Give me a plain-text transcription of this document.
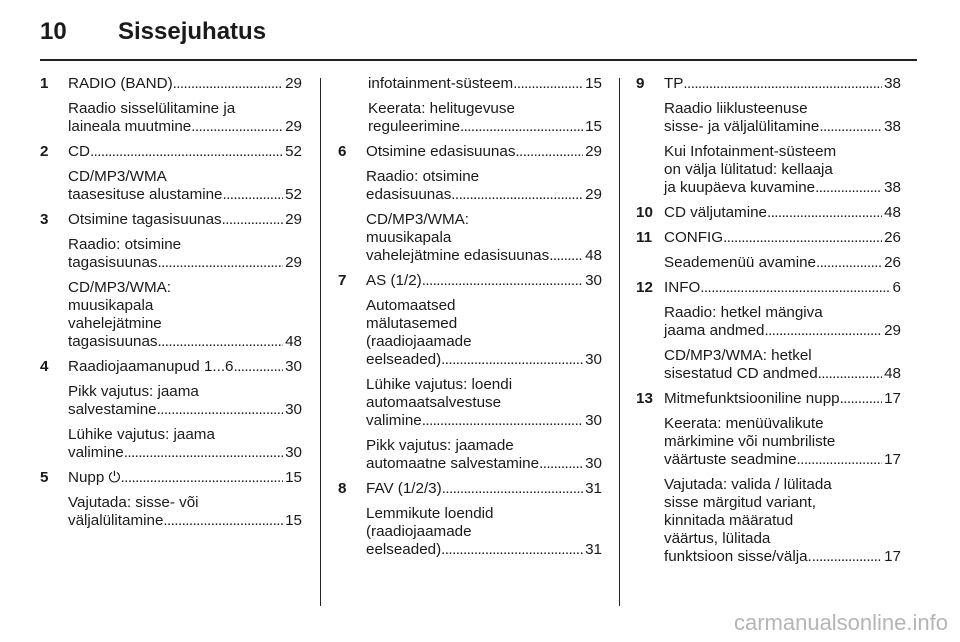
10 Sissejuhatus
1 RADIO (BAND) . . .	29
Raadio sisselülitamine ja
laineala muutmine . . .	29
2 CD . . .	52
CD/MP3/WMA
taasesituse alustamine . . .	52
3 Otsimine tagasisuunas . . .	29
Raadio: otsimine
tagasisuunas . . .	29
CD/MP3/WMA:
muusikapala
vahelejätmine
tagasisuunas . . .	48
4 Raadiojaamanupud 1...6 . . .	30
Pikk vajutus: jaama
salvestamine . . .	30
Lühike vajutus: jaama
valimine . . .	30
5 Nupp ⏻ . . .	15
Vajutada: sisse- või
väljalülitamine . . .	15
infotainment-süsteem . . .	15
Keerata: helitugevuse
reguleerimine . . .	15
6 Otsimine edasisuunas . . .	29
Raadio: otsimine
edasisuunas . . .	29
CD/MP3/WMA:
muusikapala
vahelejätmine edasisuunas . . . 48
7 AS (1/2) . . .	30
Automaatsed
mälutasemed
(raadiojaamade
eelseaded) . . .	30
Lühike vajutus: loendi
automaatsalvestuse
valimine . . .	30
Pikk vajutus: jaamade
automaatne salvestamine . . .	30
8 FAV (1/2/3) . . .	31
Lemmikute loendid
(raadiojaamade
eelseaded) . . .	31
9 TP . . .	38
Raadio liiklusteenuse
sisse- ja väljalülitamine . . .	38
Kui Infotainment-süsteem
on välja lülitatud: kellaaja
ja kuupäeva kuvamine . . .	38
10 CD väljutamine . . .	48
11 CONFIG . . .	26
Seademenüü avamine . . .	26
12 INFO . . .	6
Raadio: hetkel mängiva
jaama andmed . . .	29
CD/MP3/WMA: hetkel
sisestatud CD andmed . . .	48
13 Mitmefunktsiooniline nupp . . .	17
Keerata: menüüvalikute
märkimine või numbriliste
väärtuste seadmine . . .	17
Vajutada: valida / lülitada
sisse märgitud variant,
kinnitada määratud
väärtus, lülitada
funktsioon sisse/välja. . . .	17
carmanualsonline.info
